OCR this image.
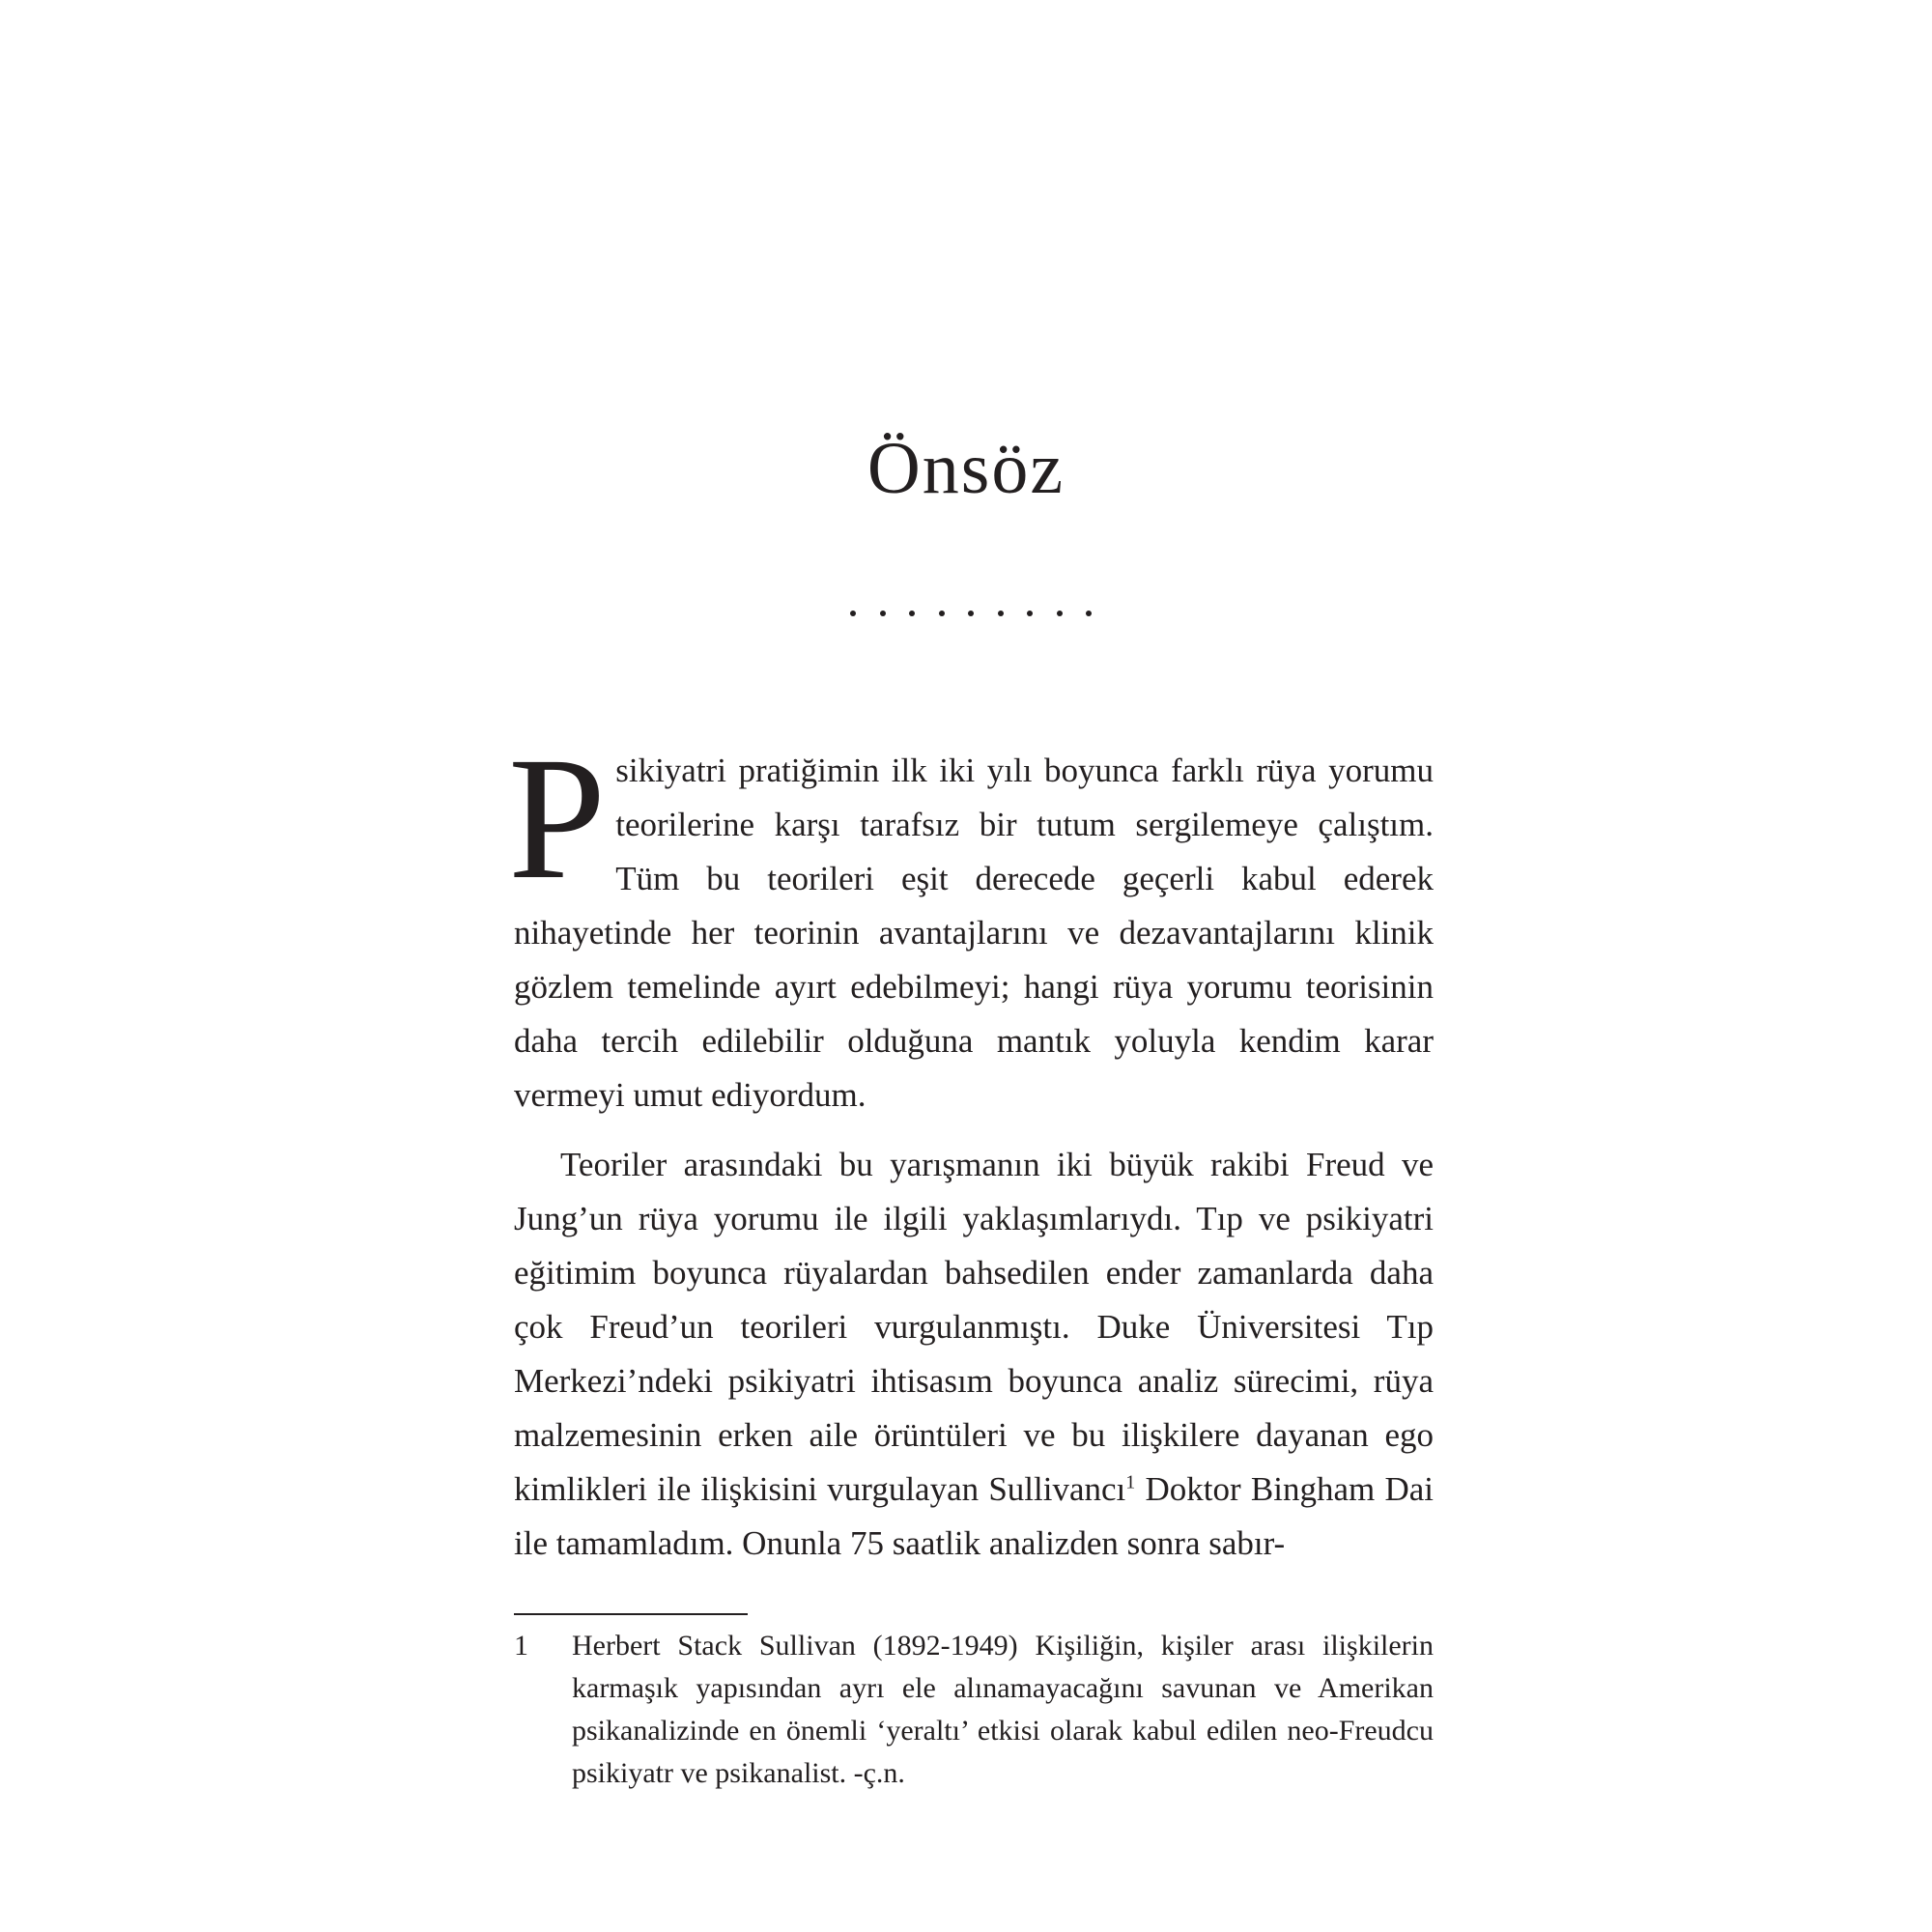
Önsöz

Psikiyatri pratiğimin ilk iki yılı boyunca farklı rüya yorumu teorilerine karşı tarafsız bir tutum sergilemeye çalıştım. Tüm bu teorileri eşit derecede geçerli kabul ederek nihayetinde her teorinin avantajlarını ve dezavantajlarını klinik gözlem temelinde ayırt edebilmeyi; hangi rüya yorumu teorisinin daha tercih edilebilir olduğuna mantık yoluyla kendim karar vermeyi umut ediyordum.

Teoriler arasındaki bu yarışmanın iki büyük rakibi Freud ve Jung’un rüya yorumu ile ilgili yaklaşımlarıydı. Tıp ve psikiyatri eğitimim boyunca rüyalardan bahsedilen ender zamanlarda daha çok Freud’un teorileri vurgulanmıştı. Duke Üniversitesi Tıp Merkezi’ndeki psikiyatri ihtisasım boyunca analiz sürecimi, rüya malzemesinin erken aile örüntüleri ve bu ilişkilere dayanan ego kimlikleri ile ilişkisini vurgulayan Sullivancı$^1$ Doktor Bingham Dai ile tamamladım. Onunla 75 saatlik analizden sonra sabır-

1 Herbert Stack Sullivan (1892-1949) Kişiliğin, kişiler arası ilişkilerin karmaşık yapısından ayrı ele alınamayacağını savunan ve Amerikan psikanalizinde en önemli ‘yeraltı’ etkisi olarak kabul edilen neo-Freudcu psikiyatr ve psikanalist. -ç.n.
